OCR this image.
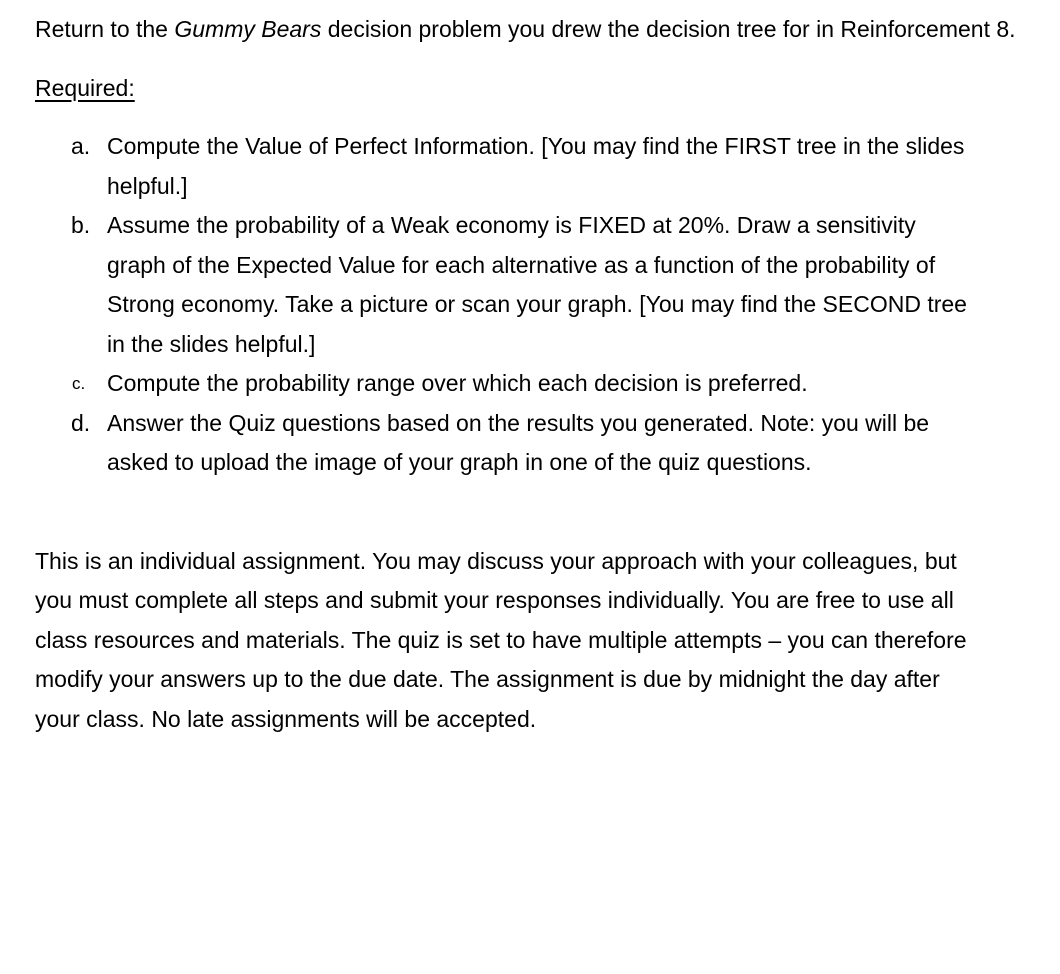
Return to the Gummy Bears decision problem you drew the decision tree for in Reinforcement 8.

Required:

a. Compute the Value of Perfect Information. [You may find the FIRST tree in the slides helpful.]
b. Assume the probability of a Weak economy is FIXED at 20%. Draw a sensitivity graph of the Expected Value for each alternative as a function of the probability of Strong economy. Take a picture or scan your graph. [You may find the SECOND tree in the slides helpful.]
c. Compute the probability range over which each decision is preferred.
d. Answer the Quiz questions based on the results you generated. Note: you will be asked to upload the image of your graph in one of the quiz questions.

This is an individual assignment. You may discuss your approach with your colleagues, but you must complete all steps and submit your responses individually. You are free to use all class resources and materials. The quiz is set to have multiple attempts – you can therefore modify your answers up to the due date. The assignment is due by midnight the day after your class. No late assignments will be accepted.
